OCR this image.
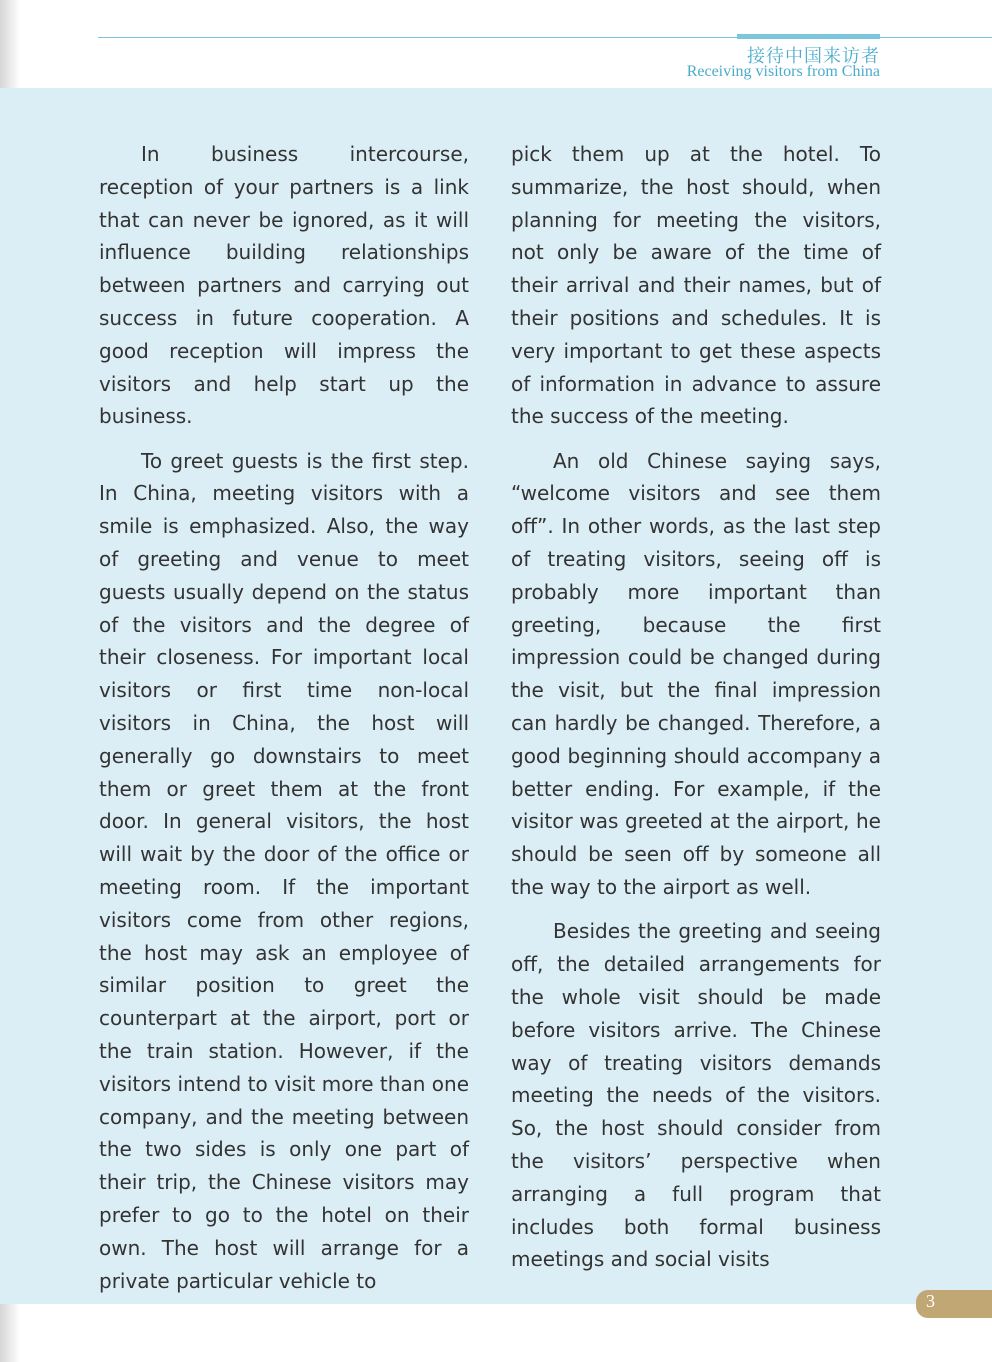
接待中国来访者
Receiving visitors from China

In business intercourse, reception of your partners is a link that can never be ignored, as it will influence building relationships between partners and carrying out success in future cooperation. A good reception will impress the visitors and help start up the business.

To greet guests is the first step. In China, meeting visitors with a smile is emphasized. Also, the way of greeting and venue to meet guests usually depend on the status of the visitors and the degree of their closeness. For important local visitors or first time non-local visitors in China, the host will generally go downstairs to meet them or greet them at the front door. In general visitors, the host will wait by the door of the office or meeting room. If the important visitors come from other regions, the host may ask an employee of similar position to greet the counterpart at the airport, port or the train station. However, if the visitors intend to visit more than one company, and the meeting between the two sides is only one part of their trip, the Chinese visitors may prefer to go to the hotel on their own. The host will arrange for a private particular vehicle to

pick them up at the hotel. To summarize, the host should, when planning for meeting the visitors, not only be aware of the time of their arrival and their names, but of their positions and schedules. It is very important to get these aspects of information in advance to assure the success of the meeting.

An old Chinese saying says, “welcome visitors and see them off”. In other words, as the last step of treating visitors, seeing off is probably more important than greeting, because the first impression could be changed during the visit, but the final impression can hardly be changed. Therefore, a good beginning should accompany a better ending. For example, if the visitor was greeted at the airport, he should be seen off by someone all the way to the airport as well.

Besides the greeting and seeing off, the detailed arrangements for the whole visit should be made before visitors arrive. The Chinese way of treating visitors demands meeting the needs of the visitors. So, the host should consider from the visitors’ perspective when arranging a full program that includes both formal business meetings and social visits

3
